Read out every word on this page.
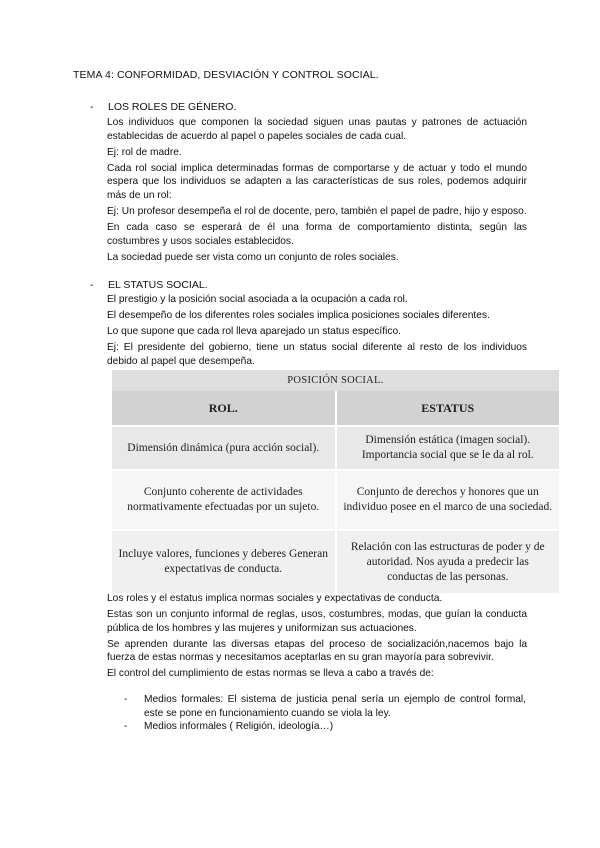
TEMA 4: CONFORMIDAD, DESVIACIÓN Y CONTROL SOCIAL.
- LOS ROLES DE GÉNERO.

Los individuos que componen la sociedad siguen unas pautas y patrones de actuación establecidas de acuerdo al papel o papeles sociales de cada cual.

Ej: rol de madre.

Cada rol social implica determinadas formas de comportarse y de actuar y todo el mundo espera que los individuos se adapten a las características de sus roles, podemos adquirir más de un rol:

Ej: Un profesor desempeña el rol de docente, pero, también el papel de padre, hijo y esposo.

En cada caso se esperará de él una forma de comportamiento distinta, según las costumbres y usos sociales establecidos.

La sociedad puede ser vista como un conjunto de roles sociales.

- EL STATUS SOCIAL.

El prestigio y la posición social asociada a la ocupación a cada rol.

El desempeño de los diferentes roles sociales implica posiciones sociales diferentes.

Lo que supone que cada rol lleva aparejado un status específico.

Ej: El presidente del gobierno, tiene un status social diferente al resto de los individuos debido al papel que desempeña.

POSICIÓN SOCIAL.	
ROL.	ESTATUS
Dimensión dinámica (pura acción social).	Dimensión estática (imagen social). Importancia social que se le da al rol.
Conjunto coherente de actividades normativamente efectuadas por un sujeto.	Conjunto de derechos y honores que un individuo posee en el marco de una sociedad.
Incluye valores, funciones y deberes Generan expectativas de conducta.	Relación con las estructuras de poder y de autoridad. Nos ayuda a predecir las conductas de las personas.

Los roles y el estatus implica normas sociales y expectativas de conducta.

Estas son un conjunto informal de reglas, usos, costumbres, modas, que guían la conducta pública de los hombres y las mujeres y uniformizan sus actuaciones.

Se aprenden durante las diversas etapas del proceso de socialización,nacemos bajo la fuerza de estas normas y necesitamos aceptarlas en su gran mayoría para sobrevivir.

El control del cumplimiento de estas normas se lleva a cabo a través de:

- Medios formales: El sistema de justicia penal sería un ejemplo de control formal, este se pone en funcionamiento cuando se viola la ley.

- Medios informales ( Religión, ideología…)
